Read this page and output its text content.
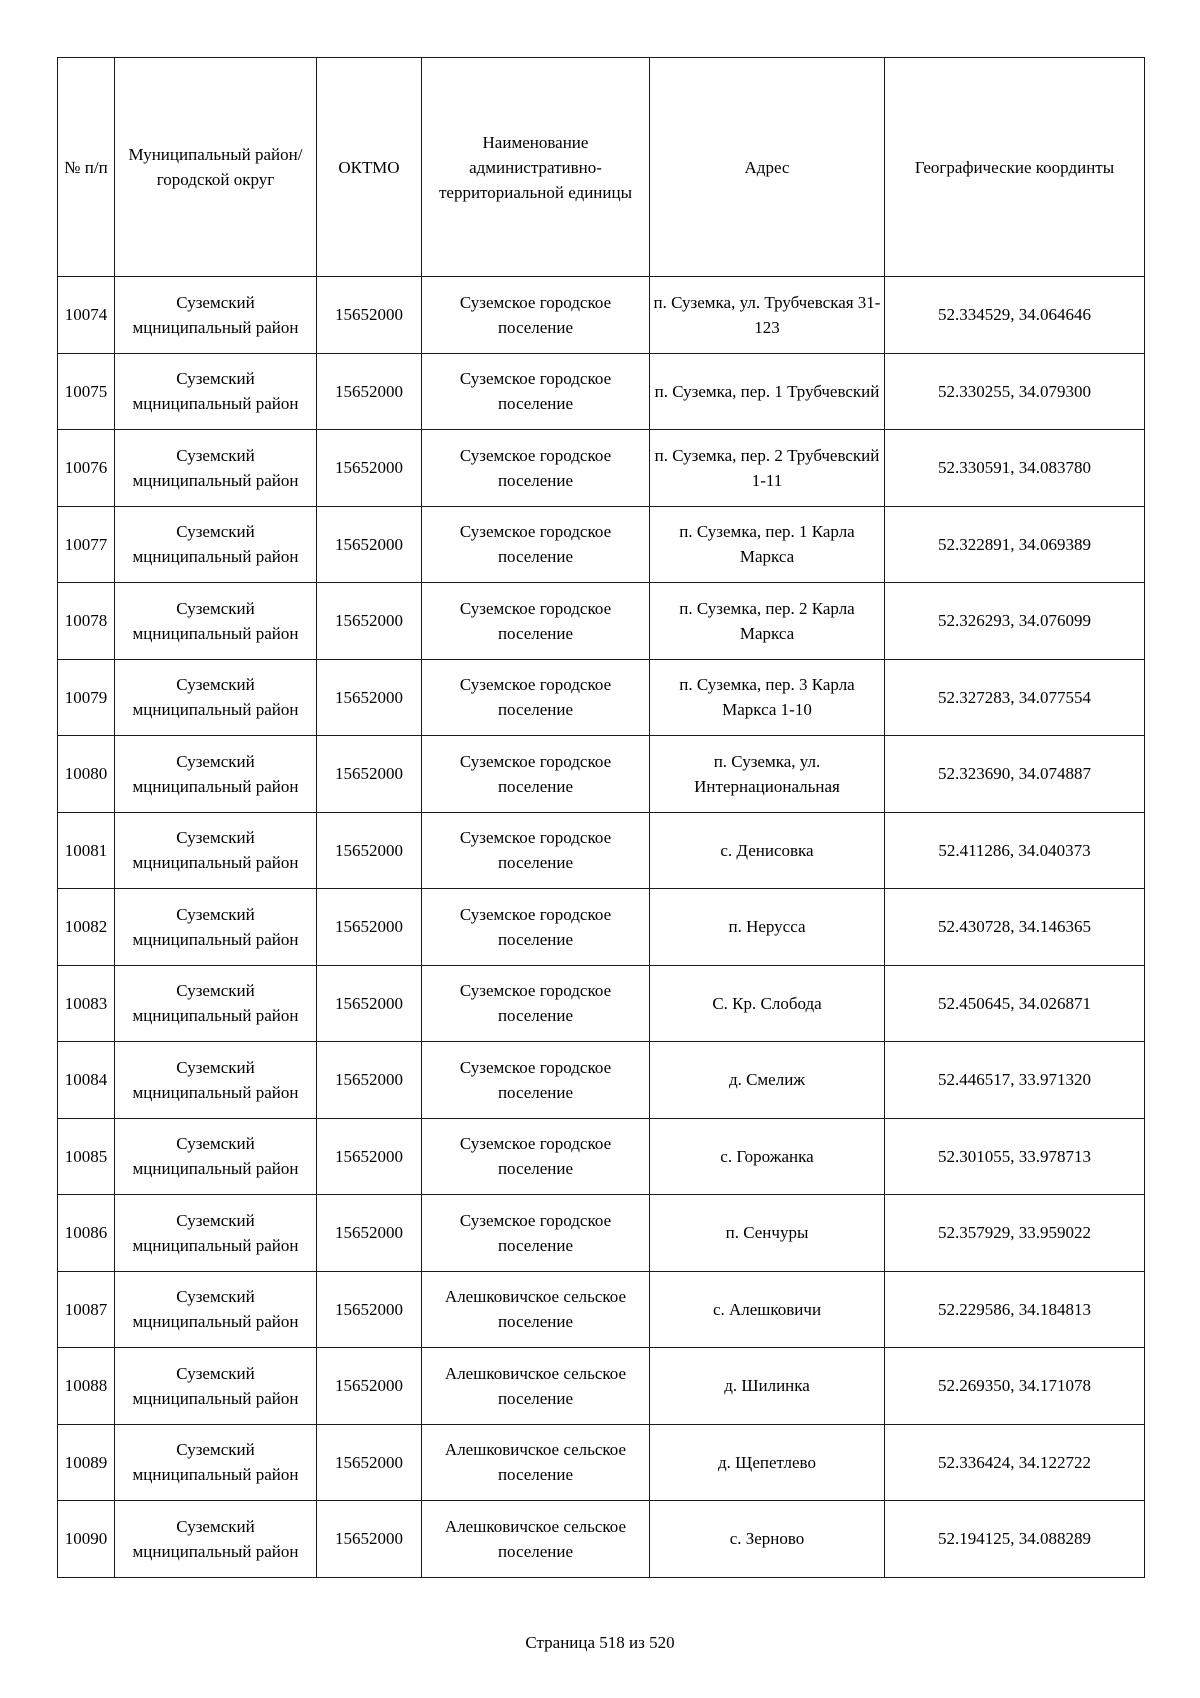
№ п/п	Муниципальный район/городской округ	ОКТМО	Наименование административно-территориальной единицы	Адрес	Географические координты
10074	Суземский мцниципальный район	15652000	Суземское городское поселение	п. Суземка, ул. Трубчевская 31-123	52.334529, 34.064646
10075	Суземский мцниципальный район	15652000	Суземское городское поселение	п. Суземка, пер. 1 Трубчевский	52.330255, 34.079300
10076	Суземский мцниципальный район	15652000	Суземское городское поселение	п. Суземка, пер. 2 Трубчевский 1-11	52.330591, 34.083780
10077	Суземский мцниципальный район	15652000	Суземское городское поселение	п. Суземка, пер. 1 Карла Маркса	52.322891, 34.069389
10078	Суземский мцниципальный район	15652000	Суземское городское поселение	п. Суземка, пер. 2 Карла Маркса	52.326293, 34.076099
10079	Суземский мцниципальный район	15652000	Суземское городское поселение	п. Суземка, пер. 3 Карла Маркса 1-10	52.327283, 34.077554
10080	Суземский мцниципальный район	15652000	Суземское городское поселение	п. Суземка, ул. Интернациональная	52.323690, 34.074887
10081	Суземский мцниципальный район	15652000	Суземское городское поселение	с. Денисовка	52.411286, 34.040373
10082	Суземский мцниципальный район	15652000	Суземское городское поселение	п. Нерусса	52.430728, 34.146365
10083	Суземский мцниципальный район	15652000	Суземское городское поселение	С. Кр. Слобода	52.450645, 34.026871
10084	Суземский мцниципальный район	15652000	Суземское городское поселение	д. Смелиж	52.446517, 33.971320
10085	Суземский мцниципальный район	15652000	Суземское городское поселение	с. Горожанка	52.301055, 33.978713
10086	Суземский мцниципальный район	15652000	Суземское городское поселение	п. Сенчуры	52.357929, 33.959022
10087	Суземский мцниципальный район	15652000	Алешковичское сельское поселение	с. Алешковичи	52.229586, 34.184813
10088	Суземский мцниципальный район	15652000	Алешковичское сельское поселение	д. Шилинка	52.269350, 34.171078
10089	Суземский мцниципальный район	15652000	Алешковичское сельское поселение	д. Щепетлево	52.336424, 34.122722
10090	Суземский мцниципальный район	15652000	Алешковичское сельское поселение	с. Зерново	52.194125, 34.088289
Страница 518 из 520
